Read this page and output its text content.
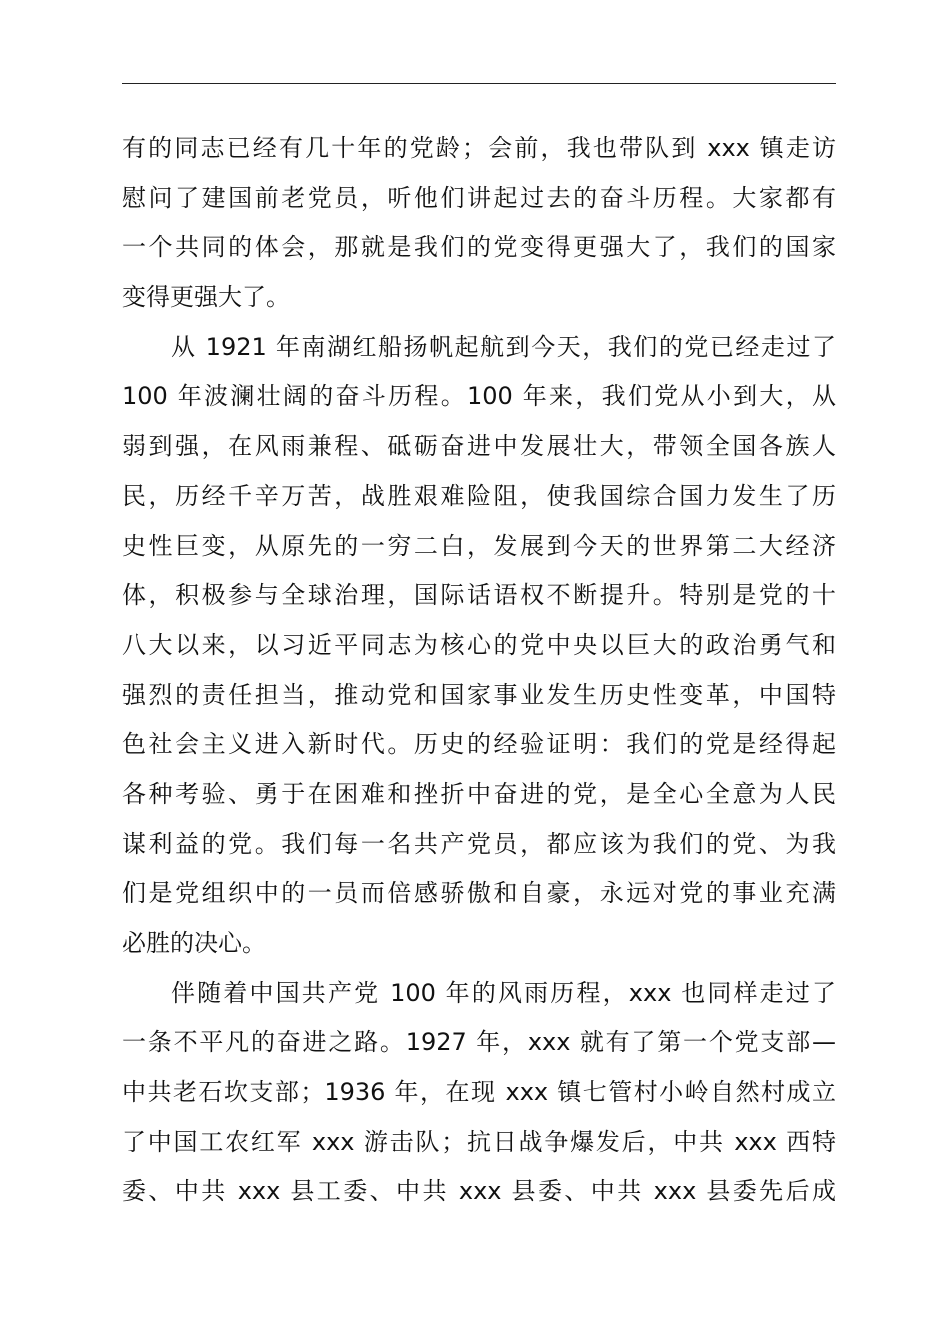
有的同志已经有几十年的党龄；会前，我也带队到 xxx 镇走访
慰问了建国前老党员，听他们讲起过去的奋斗历程。大家都有
一个共同的体会，那就是我们的党变得更强大了，我们的国家
变得更强大了。
从 1921 年南湖红船扬帆起航到今天，我们的党已经走过了
100 年波澜壮阔的奋斗历程。100 年来，我们党从小到大，从
弱到强，在风雨兼程、砥砺奋进中发展壮大，带领全国各族人
民，历经千辛万苦，战胜艰难险阻，使我国综合国力发生了历
史性巨变，从原先的一穷二白，发展到今天的世界第二大经济
体，积极参与全球治理，国际话语权不断提升。特别是党的十
八大以来，以习近平同志为核心的党中央以巨大的政治勇气和
强烈的责任担当，推动党和国家事业发生历史性变革，中国特
色社会主义进入新时代。历史的经验证明：我们的党是经得起
各种考验、勇于在困难和挫折中奋进的党，是全心全意为人民
谋利益的党。我们每一名共产党员，都应该为我们的党、为我
们是党组织中的一员而倍感骄傲和自豪，永远对党的事业充满
必胜的决心。
伴随着中国共产党 100 年的风雨历程，xxx 也同样走过了
一条不平凡的奋进之路。1927 年，xxx 就有了第一个党支部—
中共老石坎支部；1936 年，在现 xxx 镇七管村小岭自然村成立
了中国工农红军 xxx 游击队；抗日战争爆发后，中共 xxx 西特
委、中共 xxx 县工委、中共 xxx 县委、中共 xxx 县委先后成
